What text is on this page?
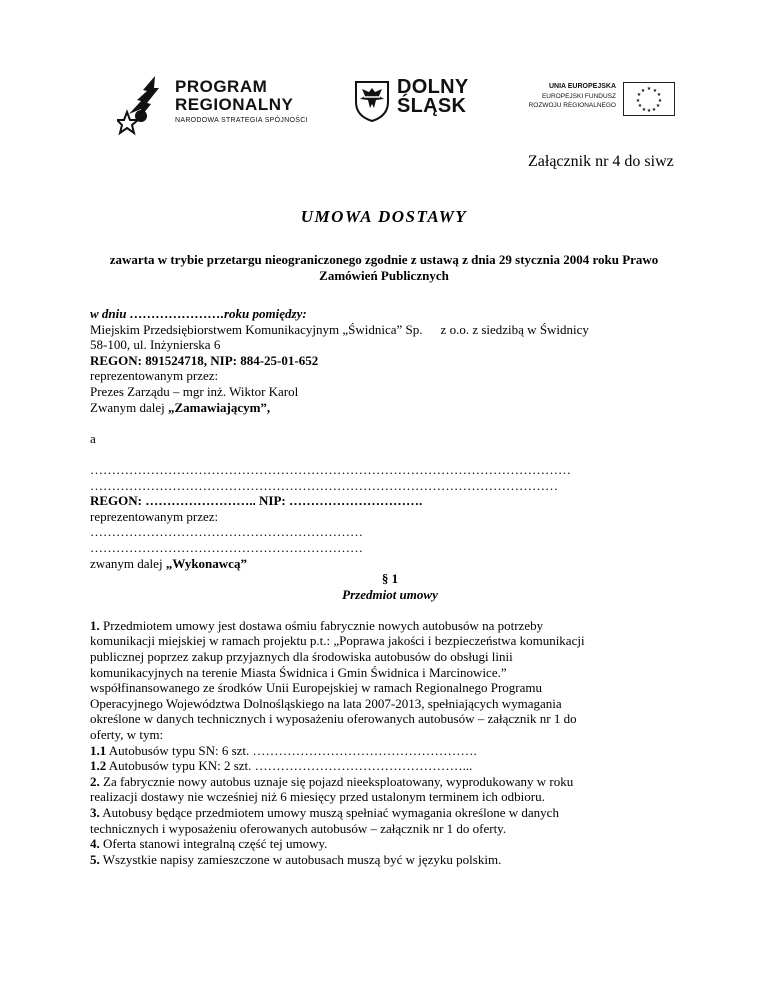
PROGRAM
REGIONALNY
NARODOWA STRATEGIA SPÓJNOŚCI
DOLNY
ŚLĄSK
UNIA EUROPEJSKA
EUROPEJSKI FUNDUSZ
ROZWOJU REGIONALNEGO
★ ★
★
★
★
★
★
★
★
★
★
★
Załącznik nr 4 do siwz
UMOWA DOSTAWY
zawarta w trybie przetargu nieograniczonego zgodnie z ustawą z dnia 29 stycznia 2004 roku Prawo Zamówień Publicznych
w dniu ………………….roku pomiędzy:
Miejskim Przedsiębiorstwem Komunikacyjnym „Świdnica” Sp. z o.o. z siedzibą w Świdnicy
58-100, ul. Inżynierska 6
REGON: 891524718, NIP: 884-25-01-652
reprezentowanym przez:
Prezes Zarządu – mgr inż. Wiktor Karol
Zwanym dalej „Zamawiającym”,
a
…………………………………………………………………………………………………
………………………………………………………………………………………………
REGON: …………………….. NIP: ………………………….
reprezentowanym przez:
………………………………………………………
………………………………………………………
zwanym dalej „Wykonawcą”
§ 1
Przedmiot umowy
1. Przedmiotem umowy jest dostawa ośmiu fabrycznie nowych autobusów na potrzeby
komunikacji miejskiej w ramach projektu p.t.: „Poprawa jakości i bezpieczeństwa komunikacji
publicznej poprzez zakup przyjaznych dla środowiska autobusów do obsługi linii
komunikacyjnych na terenie Miasta Świdnica i Gmin Świdnica i Marcinowice.”
współfinansowanego ze środków Unii Europejskiej w ramach Regionalnego Programu
Operacyjnego Województwa Dolnośląskiego na lata 2007-2013, spełniających wymagania
określone w danych technicznych i wyposażeniu oferowanych autobusów – załącznik nr 1 do
oferty, w tym:
1.1 Autobusów typu SN: 6 szt. …………………………………………….
1.2 Autobusów typu KN: 2 szt. …………………………………………...
2. Za fabrycznie nowy autobus uznaje się pojazd nieeksploatowany, wyprodukowany w roku
realizacji dostawy nie wcześniej niż 6 miesięcy przed ustalonym terminem ich odbioru.
3. Autobusy będące przedmiotem umowy muszą spełniać wymagania określone w danych
technicznych i wyposażeniu oferowanych autobusów – załącznik nr 1 do oferty.
4. Oferta stanowi integralną część tej umowy.
5. Wszystkie napisy zamieszczone w autobusach muszą być w języku polskim.
